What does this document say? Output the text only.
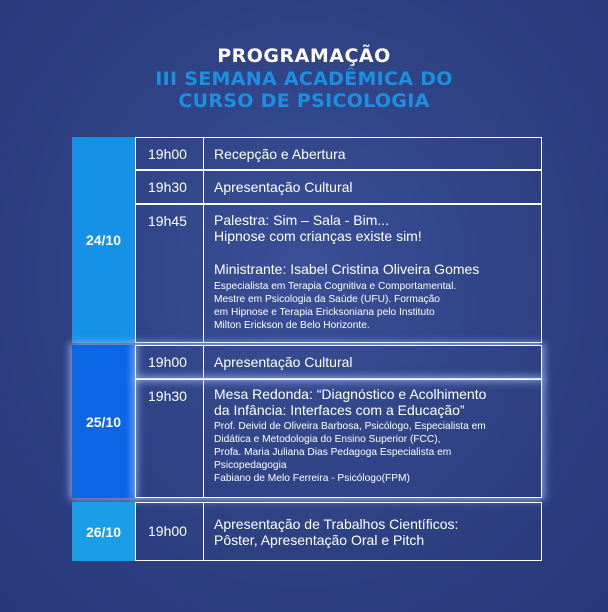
PROGRAMAÇÃO
III SEMANA ACADÊMICA DO
CURSO DE PSICOLOGIA
24/10
19h00 Recepção e Abertura
19h30 Apresentação Cultural
19h45 Palestra: Sim – Sala - Bim...
Hipnose com crianças existe sim!
Ministrante: Isabel Cristina Oliveira Gomes
Especialista em Terapia Cognitiva e Comportamental.
Mestre em Psicologia da Saúde (UFU). Formação
em Hipnose e Terapia Ericksoniana pelo Instituto
Milton Erickson de Belo Horizonte.
25/10
19h00 Apresentação Cultural
19h30 Mesa Redonda: “Diagnóstico e Acolhimento
da Infância: Interfaces com a Educação”
Prof. Deivid de Oliveira Barbosa, Psicólogo, Especialista em
Didática e Metodologia do Ensino Superior (FCC),
Profa. Maria Juliana Dias Pedagoga Especialista em
Psicopedagogia
Fabiano de Melo Ferreira - Psicólogo(FPM)
26/10 19h00 Apresentação de Trabalhos Científicos:
Pôster, Apresentação Oral e Pitch
